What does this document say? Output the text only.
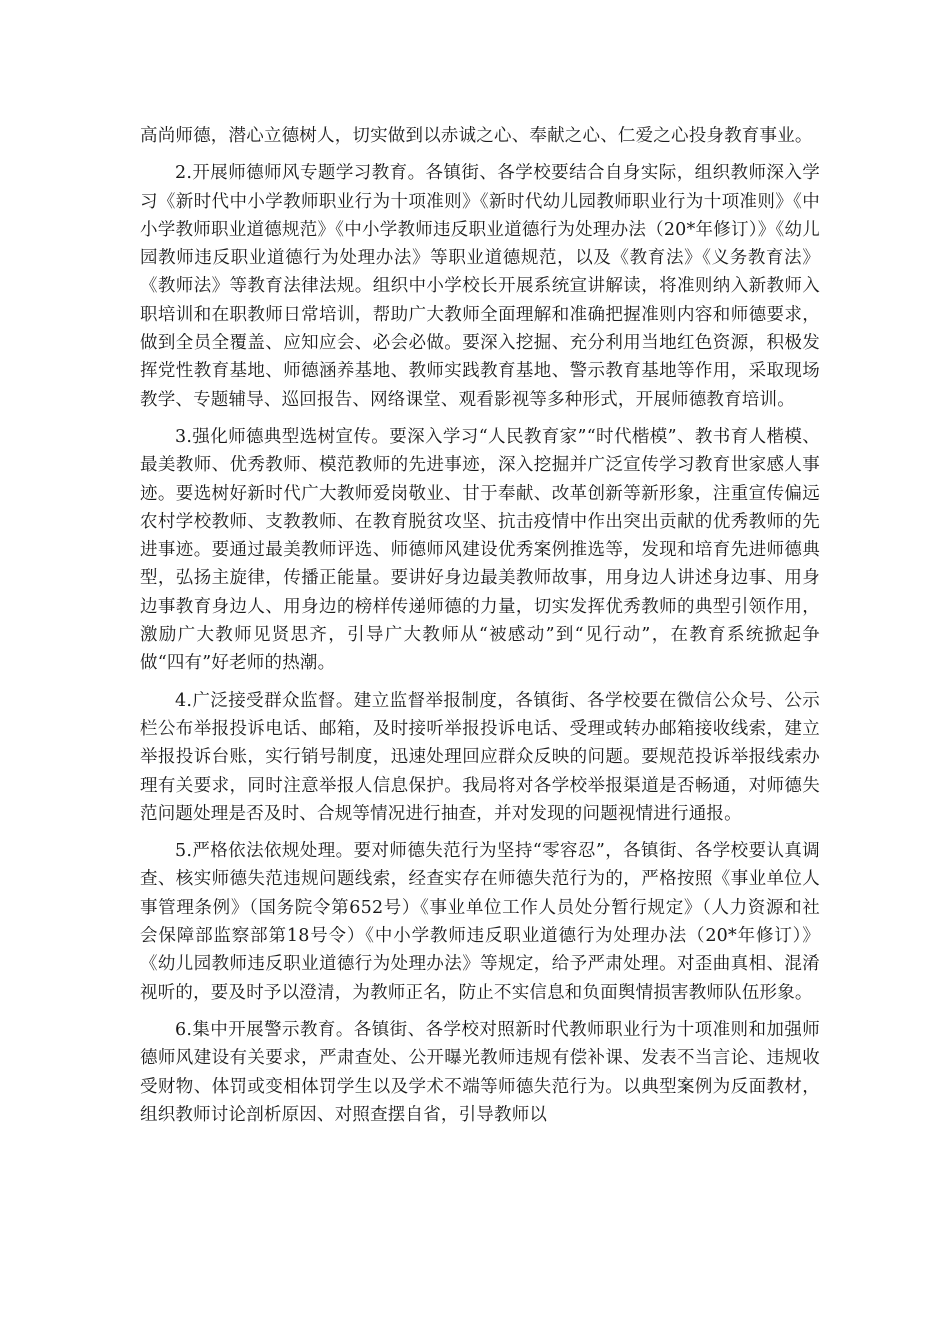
高尚师德，潜心立德树人，切实做到以赤诚之心、奉献之心、仁爱之心投身教育事业。

2.开展师德师风专题学习教育。各镇街、各学校要结合自身实际，组织教师深入学习《新时代中小学教师职业行为十项准则》《新时代幼儿园教师职业行为十项准则》《中小学教师职业道德规范》《中小学教师违反职业道德行为处理办法（20*年修订）》《幼儿园教师违反职业道德行为处理办法》等职业道德规范，以及《教育法》《义务教育法》《教师法》等教育法律法规。组织中小学校长开展系统宣讲解读，将准则纳入新教师入职培训和在职教师日常培训，帮助广大教师全面理解和准确把握准则内容和师德要求，做到全员全覆盖、应知应会、必会必做。要深入挖掘、充分利用当地红色资源，积极发挥党性教育基地、师德涵养基地、教师实践教育基地、警示教育基地等作用，采取现场教学、专题辅导、巡回报告、网络课堂、观看影视等多种形式，开展师德教育培训。

3.强化师德典型选树宣传。要深入学习“人民教育家”“时代楷模”、教书育人楷模、最美教师、优秀教师、模范教师的先进事迹，深入挖掘并广泛宣传学习教育世家感人事迹。要选树好新时代广大教师爱岗敬业、甘于奉献、改革创新等新形象，注重宣传偏远农村学校教师、支教教师、在教育脱贫攻坚、抗击疫情中作出突出贡献的优秀教师的先进事迹。要通过最美教师评选、师德师风建设优秀案例推选等，发现和培育先进师德典型，弘扬主旋律，传播正能量。要讲好身边最美教师故事，用身边人讲述身边事、用身边事教育身边人、用身边的榜样传递师德的力量，切实发挥优秀教师的典型引领作用，激励广大教师见贤思齐，引导广大教师从“被感动”到“见行动”，在教育系统掀起争做“四有”好老师的热潮。

4.广泛接受群众监督。建立监督举报制度，各镇街、各学校要在微信公众号、公示栏公布举报投诉电话、邮箱，及时接听举报投诉电话、受理或转办邮箱接收线索，建立举报投诉台账，实行销号制度，迅速处理回应群众反映的问题。要规范投诉举报线索办理有关要求，同时注意举报人信息保护。我局将对各学校举报渠道是否畅通，对师德失范问题处理是否及时、合规等情况进行抽查，并对发现的问题视情进行通报。

5.严格依法依规处理。要对师德失范行为坚持“零容忍”，各镇街、各学校要认真调查、核实师德失范违规问题线索，经查实存在师德失范行为的，严格按照《事业单位人事管理条例》（国务院令第652号）《事业单位工作人员处分暂行规定》（人力资源和社会保障部监察部第18号令）《中小学教师违反职业道德行为处理办法（20*年修订）》《幼儿园教师违反职业道德行为处理办法》等规定，给予严肃处理。对歪曲真相、混淆视听的，要及时予以澄清，为教师正名，防止不实信息和负面舆情损害教师队伍形象。

6.集中开展警示教育。各镇街、各学校对照新时代教师职业行为十项准则和加强师德师风建设有关要求，严肃查处、公开曝光教师违规有偿补课、发表不当言论、违规收受财物、体罚或变相体罚学生以及学术不端等师德失范行为。以典型案例为反面教材，组织教师讨论剖析原因、对照查摆自省，引导教师以
